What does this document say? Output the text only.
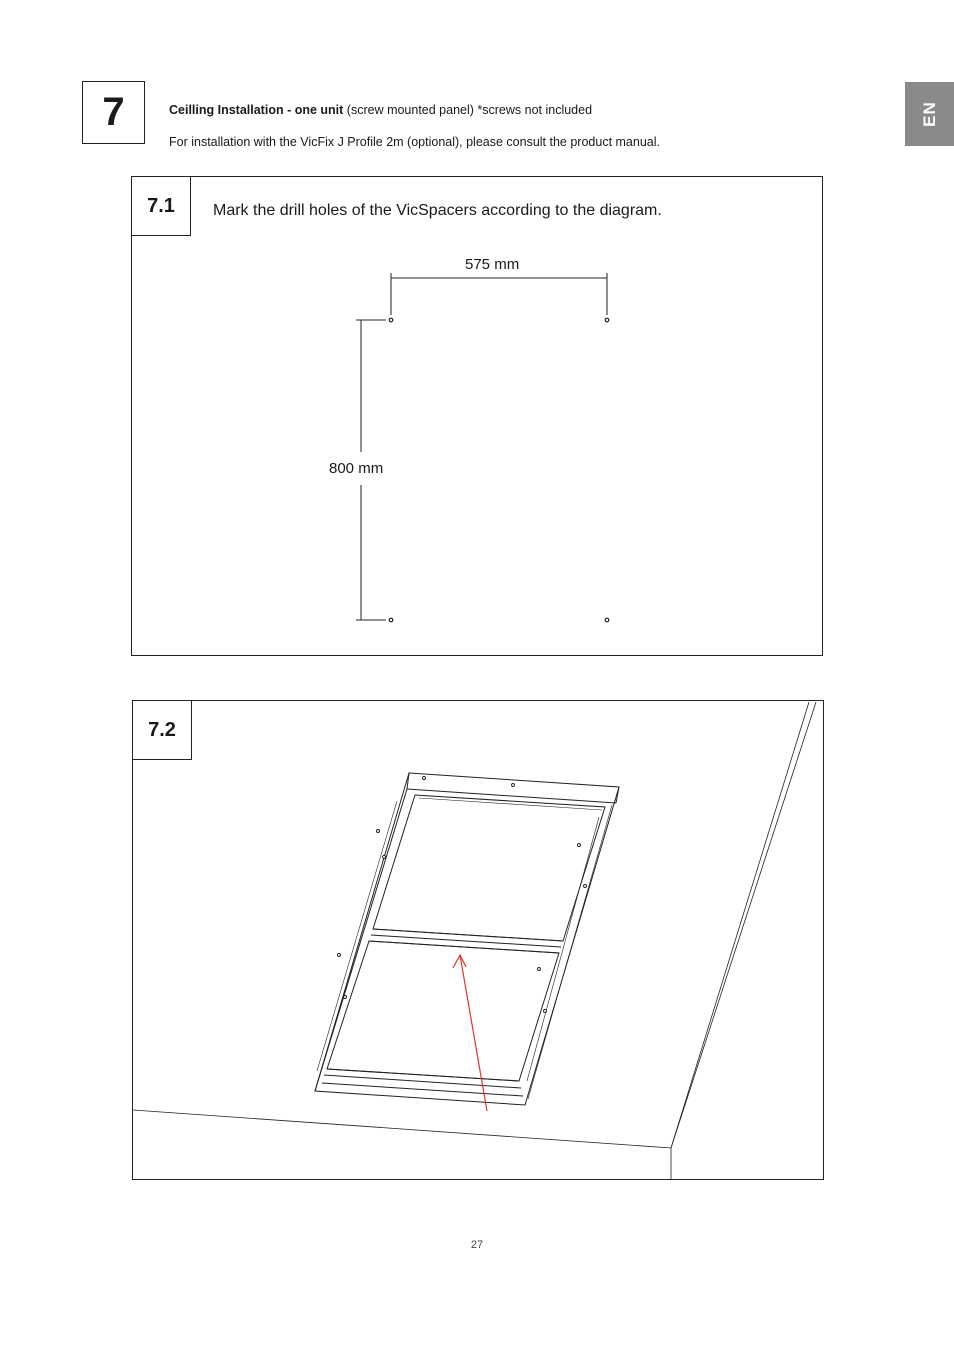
7	Ceilling Installation - one unit (screw mounted panel) *screws not included
For installation with the VicFix J Profile 2m (optional), please consult the product manual.
EN
7.1 Mark the drill holes of the VicSpacers according to the diagram.
575 mm
800 mm
7.2
27
